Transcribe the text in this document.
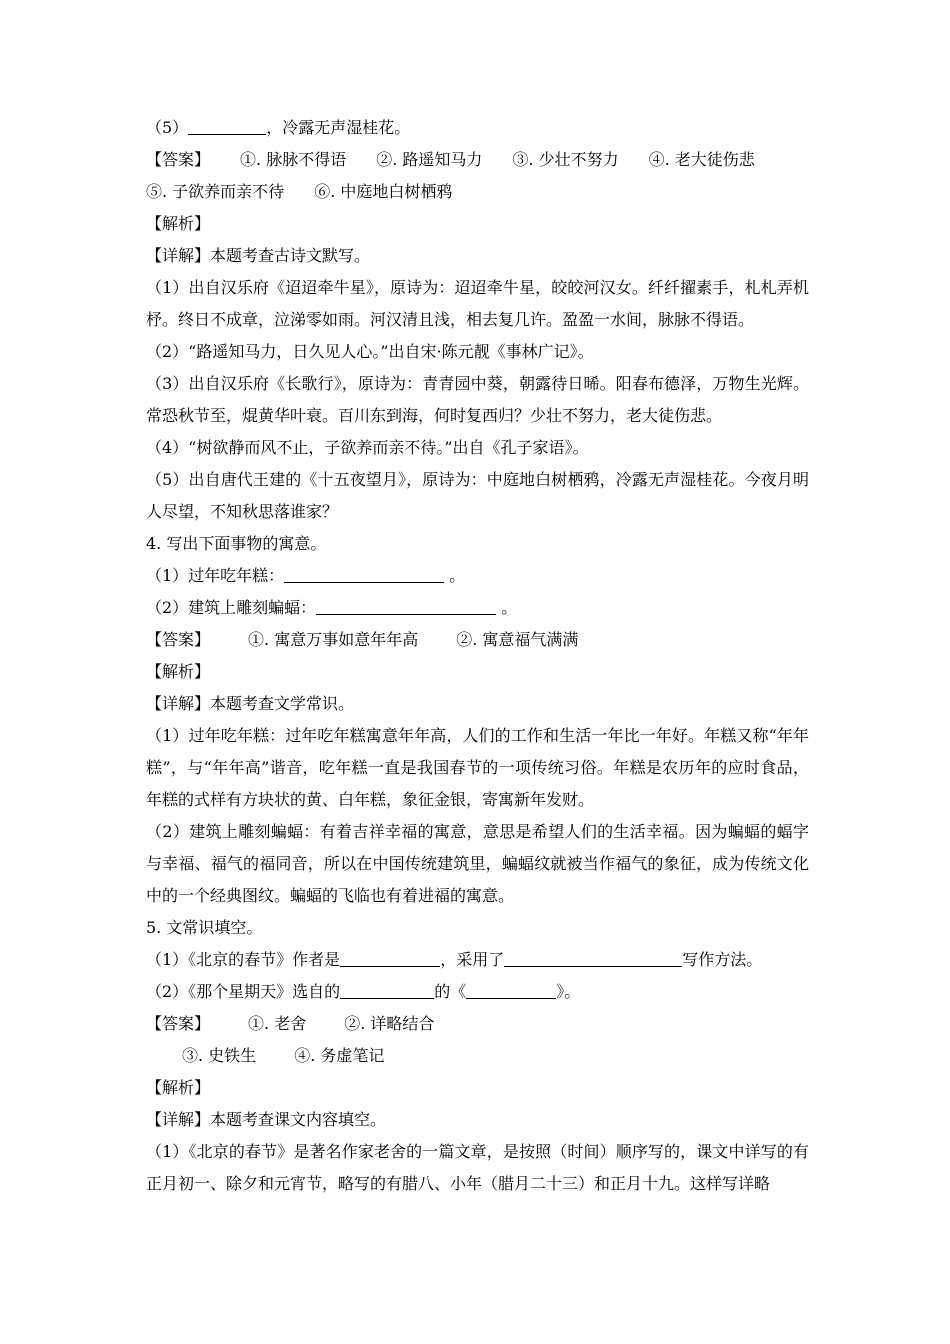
（5）	，冷露无声湿桂花。
【答案】 ①. 脉脉不得语 ②. 路遥知马力 ③. 少壮不努力 ④. 老大徒伤悲
⑤. 子欲养而亲不待 ⑥. 中庭地白树栖鸦
【解析】
【详解】本题考查古诗文默写。
（1）出自汉乐府《迢迢牵牛星》，原诗为：迢迢牵牛星，皎皎河汉女。纤纤擢素手，札札弄机杼。终日不成章，泣涕零如雨。河汉清且浅，相去复几许。盈盈一水间，脉脉不得语。
（2）“路遥知马力，日久见人心。”出自宋·陈元靓《事林广记》。
（3）出自汉乐府《长歌行》，原诗为：青青园中葵，朝露待日晞。阳春布德泽，万物生光辉。常恐秋节至，焜黄华叶衰。百川东到海，何时复西归？少壮不努力，老大徒伤悲。
（4）“树欲静而风不止，子欲养而亲不待。”出自《孔子家语》。
（5）出自唐代王建的《十五夜望月》，原诗为：中庭地白树栖鸦，冷露无声湿桂花。今夜月明人尽望，不知秋思落谁家？
4. 写出下面事物的寓意。
（1）过年吃年糕：	。
（2）建筑上雕刻蝙蝠：	。
【答案】 ①. 寓意万事如意年年高 ②. 寓意福气满满
【解析】
【详解】本题考查文学常识。
（1）过年吃年糕：过年吃年糕寓意年年高，人们的工作和生活一年比一年好。年糕又称“年年糕”，与“年年高”谐音，吃年糕一直是我国春节的一项传统习俗。年糕是农历年的应时食品，年糕的式样有方块状的黄、白年糕，象征金银，寄寓新年发财。
（2）建筑上雕刻蝙蝠：有着吉祥幸福的寓意，意思是希望人们的生活幸福。因为蝙蝠的蝠字与幸福、福气的福同音，所以在中国传统建筑里，蝙蝠纹就被当作福气的象征，成为传统文化中的一个经典图纹。蝙蝠的飞临也有着进福的寓意。
5. 文常识填空。
（1）《北京的春节》作者是	，采用了	写作方法。
（2）《那个星期天》选自的	的《	》。
【答案】 ①. 老舍 ②. 详略结合
③. 史铁生 ④. 务虚笔记
【解析】
【详解】本题考查课文内容填空。
（1）《北京的春节》是著名作家老舍的一篇文章，是按照（时间）顺序写的，课文中详写的有正月初一、除夕和元宵节，略写的有腊八、小年（腊月二十三）和正月十九。这样写详略
